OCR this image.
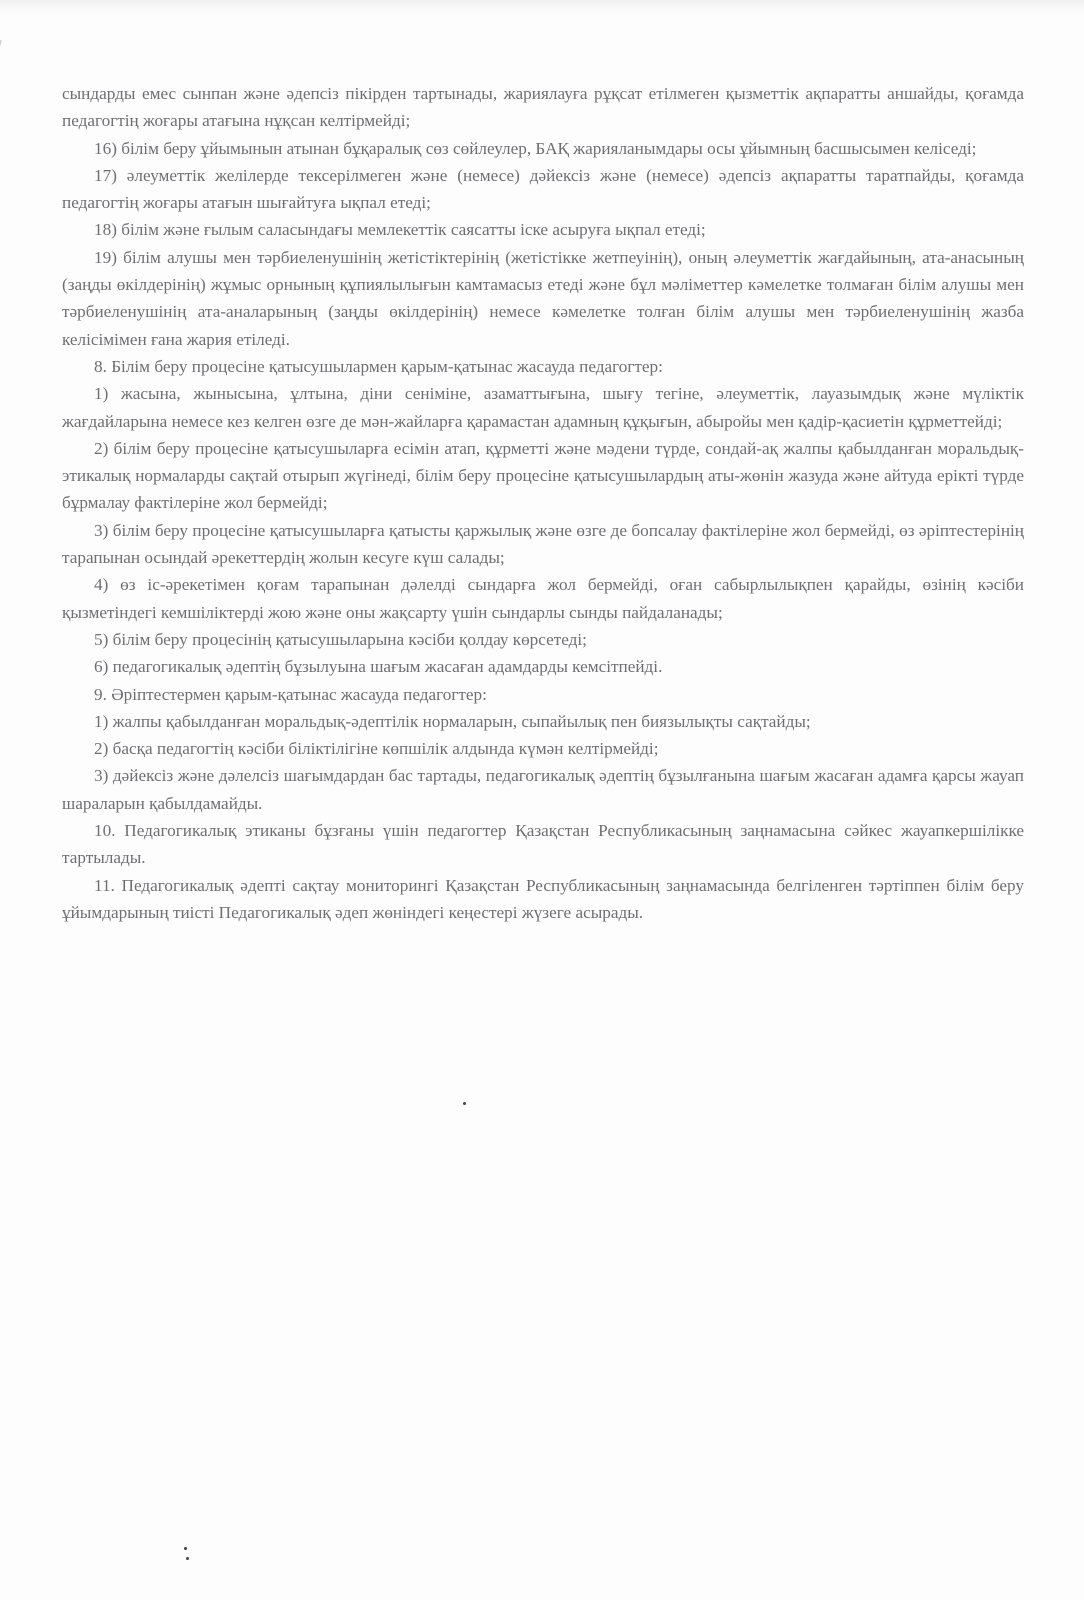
сындарды емес сынпан және әдепсіз пікірден тартынады, жариялауға рұқсат етілмеген қызметтік ақпаратты аншайды, қоғамда педагогтің жоғары атағына нұқсан келтірмейді;

16) білім беру ұйымынын атынан бұқаралық сөз сөйлеулер, БАҚ жарияланымдары осы ұйымның басшысымен келіседі;

17) әлеуметтік желілерде тексерілмеген және (немесе) дәйексіз және (немесе) әдепсіз ақпаратты таратпайды, қоғамда педагогтің жоғары атағын шығайтуға ықпал етеді;

18) білім және ғылым саласындағы мемлекеттік саясатты іске асыруға ықпал етеді;

19) білім алушы мен тәрбиеленушінің жетістіктерінің (жетістікке жетпеуінің), оның әлеуметтік жағдайының, ата-анасының (заңды өкілдерінің) жұмыс орнының құпиялылығын камтамасыз етеді және бұл мәліметтер кәмелетке толмаған білім алушы мен тәрбиеленушінің ата-аналарының (заңды өкілдерінің) немесе кәмелетке толған білім алушы мен тәрбиеленушінің жазба келісімімен ғана жария етіледі.

8. Білім беру процесіне қатысушылармен қарым-қатынас жасауда педагогтер:

1) жасына, жынысына, ұлтына, діни сеніміне, азаматтығына, шығу тегіне, әлеуметтік, лауазымдық және мүліктік жағдайларына немесе кез келген өзге де мән-жайларға қарамастан адамның құқығын, абыройы мен қадір-қасиетін құрметтейді;

2) білім беру процесіне қатысушыларға есімін атап, құрметті және мәдени түрде, сондай-ақ жалпы қабылданған моральдық-этикалық нормаларды сақтай отырып жүгінеді, білім беру процесіне қатысушылардың аты-жөнін жазуда және айтуда ерікті түрде бұрмалау фактілеріне жол бермейді;

3) білім беру процесіне қатысушыларға қатысты қаржылық және өзге де бопсалау фактілеріне жол бермейді, өз әріптестерінің тарапынан осындай әрекеттердің жолын кесуге күш салады;

4) өз іс-әрекетімен қоғам тарапынан дәлелді сындарға жол бермейді, оған сабырлылықпен қарайды, өзінің кәсіби қызметіндегі кемшіліктерді жою және оны жақсарту үшін сындарлы сынды пайдаланады;

5) білім беру процесінің қатысушыларына кәсіби қолдау көрсетеді;

6) педагогикалық әдептің бұзылуына шағым жасаған адамдарды кемсітпейді.

9. Әріптестермен қарым-қатынас жасауда педагогтер:

1) жалпы қабылданған моральдық-әдептілік нормаларын, сыпайылық пен биязылықты сақтайды;

2) басқа педагогтің кәсіби біліктілігіне көпшілік алдында күмән келтірмейді;

3) дәйексіз және дәлелсіз шағымдардан бас тартады, педагогикалық әдептің бұзылғанына шағым жасаған адамға қарсы жауап шараларын қабылдамайды.

10. Педагогикалық этиканы бұзғаны үшін педагогтер Қазақстан Республикасының заңнамасына сәйкес жауапкершілікке тартылады.

11. Педагогикалық әдепті сақтау мониторингі Қазақстан Республикасының заңнамасында белгіленген тәртіппен білім беру ұйымдарының тиісті Педагогикалық әдеп жөніндегі кеңестері жүзеге асырады.
